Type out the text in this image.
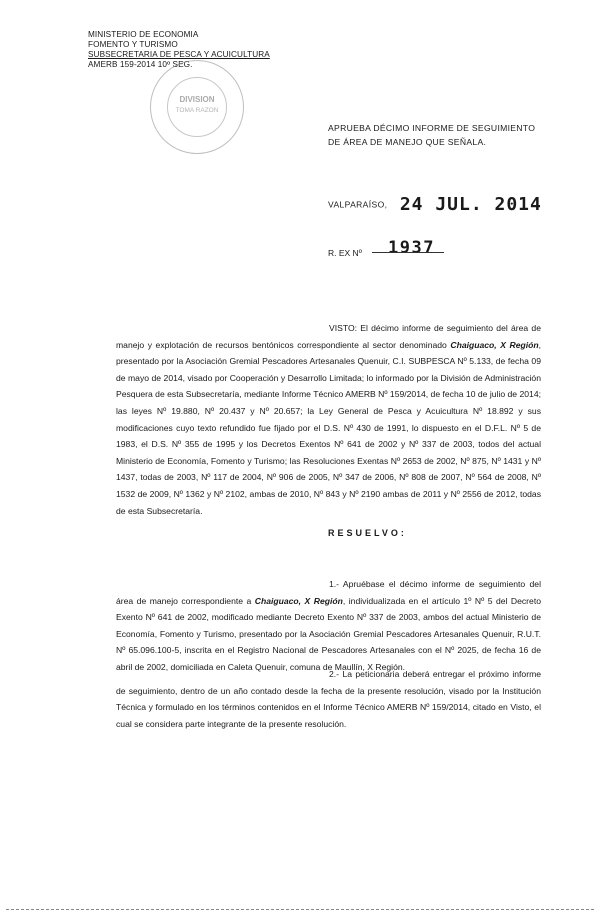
MINISTERIO DE ECONOMIA
FOMENTO Y TURISMO
SUBSECRETARIA DE PESCA Y ACUICULTURA
AMERB 159-2014 10º SEG.
DIVISION
TOMA RAZON
APRUEBA DÉCIMO INFORME DE SEGUIMIENTO
DE ÁREA DE MANEJO QUE SEÑALA.
VALPARAÍSO, 24 JUL. 2014
1937
R. EX Nº

VISTO: El décimo informe de seguimiento del área de manejo y explotación de recursos bentónicos correspondiente al sector denominado Chaiguaco, X Región, presentado por la Asociación Gremial Pescadores Artesanales Quenuir, C.I. SUBPESCA Nº 5.133, de fecha 09 de mayo de 2014, visado por Cooperación y Desarrollo Limitada; lo informado por la División de Administración Pesquera de esta Subsecretaría, mediante Informe Técnico AMERB Nº 159/2014, de fecha 10 de julio de 2014; las leyes Nº 19.880, Nº 20.437 y Nº 20.657; la Ley General de Pesca y Acuicultura Nº 18.892 y sus modificaciones cuyo texto refundido fue fijado por el D.S. Nº 430 de 1991, lo dispuesto en el D.F.L. Nº 5 de 1983, el D.S. Nº 355 de 1995 y los Decretos Exentos Nº 641 de 2002 y Nº 337 de 2003, todos del actual Ministerio de Economía, Fomento y Turismo; las Resoluciones Exentas Nº 2653 de 2002, Nº 875, Nº 1431 y Nº 1437, todas de 2003, Nº 117 de 2004, Nº 906 de 2005, Nº 347 de 2006, Nº 808 de 2007, Nº 564 de 2008, Nº 1532 de 2009, Nº 1362 y Nº 2102, ambas de 2010, Nº 843 y Nº 2190 ambas de 2011 y Nº 2556 de 2012, todas de esta Subsecretaría.

RESUELVO:

1.- Apruébase el décimo informe de seguimiento del área de manejo correspondiente a Chaiguaco, X Región, individualizada en el artículo 1º Nº 5 del Decreto Exento Nº 641 de 2002, modificado mediante Decreto Exento Nº 337 de 2003, ambos del actual Ministerio de Economía, Fomento y Turismo, presentado por la Asociación Gremial Pescadores Artesanales Quenuir, R.U.T. Nº 65.096.100-5, inscrita en el Registro Nacional de Pescadores Artesanales con el Nº 2025, de fecha 16 de abril de 2002, domiciliada en Caleta Quenuir, comuna de Maullín, X Región.

2.- La peticionaria deberá entregar el próximo informe de seguimiento, dentro de un año contado desde la fecha de la presente resolución, visado por la Institución Técnica y formulado en los términos contenidos en el Informe Técnico AMERB Nº 159/2014, citado en Visto, el cual se considera parte integrante de la presente resolución.
